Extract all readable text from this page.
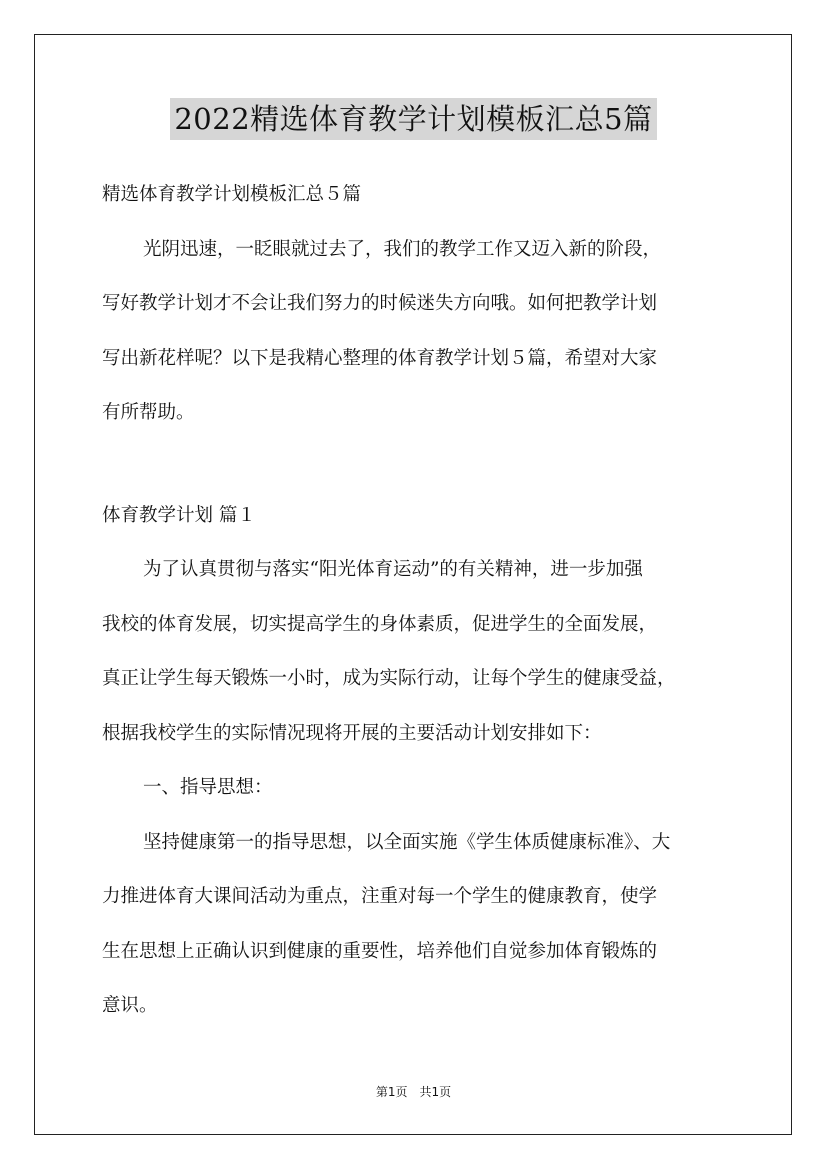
2022精选体育教学计划模板汇总5篇
精选体育教学计划模板汇总５篇
光阴迅速，一眨眼就过去了，我们的教学工作又迈入新的阶段，
写好教学计划才不会让我们努力的时候迷失方向哦。如何把教学计划
写出新花样呢？以下是我精心整理的体育教学计划５篇，希望对大家
有所帮助。
体育教学计划 篇１
为了认真贯彻与落实“阳光体育运动”的有关精神，进一步加强
我校的体育发展，切实提高学生的身体素质，促进学生的全面发展，
真正让学生每天锻炼一小时，成为实际行动，让每个学生的健康受益，
根据我校学生的实际情况现将开展的主要活动计划安排如下：
一、指导思想：
坚持健康第一的指导思想，以全面实施《学生体质健康标准》、大
力推进体育大课间活动为重点，注重对每一个学生的健康教育，使学
生在思想上正确认识到健康的重要性，培养他们自觉参加体育锻炼的
意识。
第1页　共1页
